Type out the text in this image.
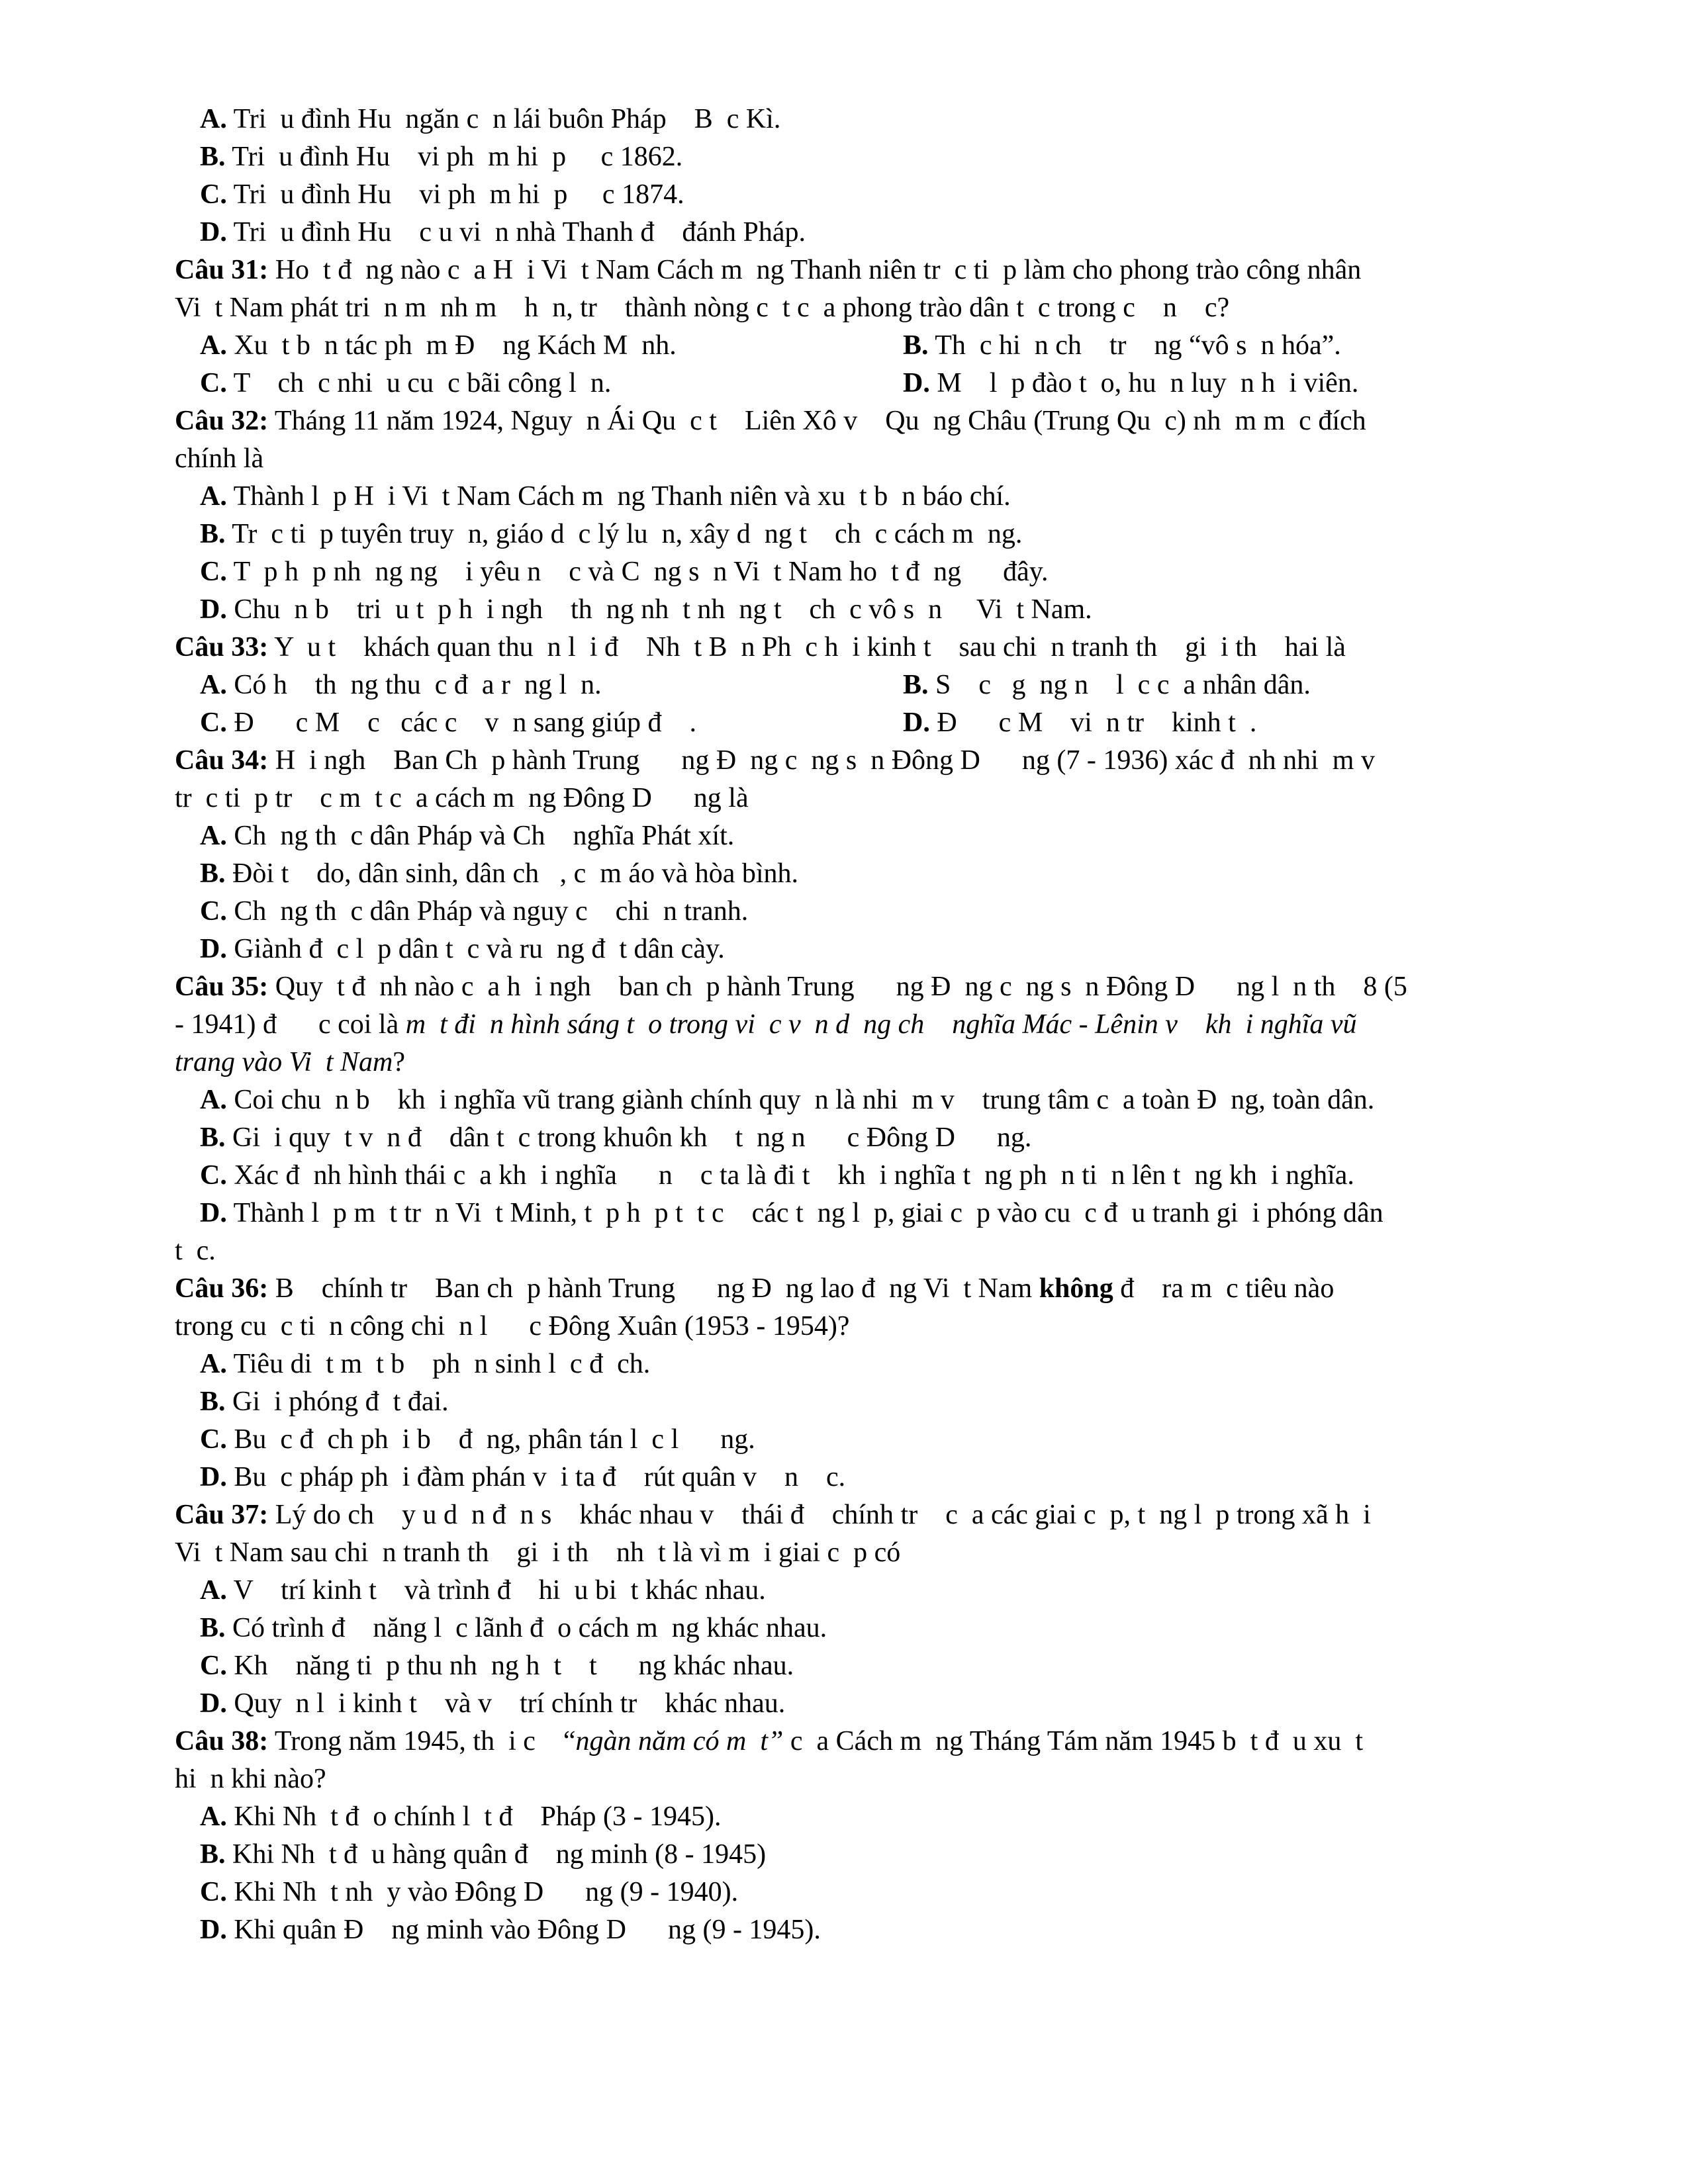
A. Tri  u đình Hu  ngăn c  n lái buôn Pháp    B  c Kì.
B. Tri  u đình Hu    vi ph  m hi  p     c 1862.
C. Tri  u đình Hu    vi ph  m hi  p     c 1874.
D. Tri  u đình Hu    c u vi  n nhà Thanh đ    đánh Pháp.
Câu 31: Ho  t đ  ng nào c  a H  i Vi  t Nam Cách m  ng Thanh niên tr  c ti  p làm cho phong trào công nhân
Vi  t Nam phát tri  n m  nh m    h  n, tr    thành nòng c  t c  a phong trào dân t  c trong c    n    c?
A. Xu  t b  n tác ph  m Đ    ng Kách M  nh.	B. Th  c hi  n ch    tr    ng “vô s  n hóa”.
C. T    ch  c nhi  u cu  c bãi công l  n.	D. M    l  p đào t  o, hu  n luy  n h  i viên.
Câu 32: Tháng 11 năm 1924, Nguy  n Ái Qu  c t    Liên Xô v    Qu  ng Châu (Trung Qu  c) nh  m m  c đích
chính là
A. Thành l  p H  i Vi  t Nam Cách m  ng Thanh niên và xu  t b  n báo chí.
B. Tr  c ti  p tuyên truy  n, giáo d  c lý lu  n, xây d  ng t    ch  c cách m  ng.
C. T  p h  p nh  ng ng    i yêu n    c và C  ng s  n Vi  t Nam ho  t đ  ng      đây.
D. Chu  n b    tri  u t  p h  i ngh    th  ng nh  t nh  ng t    ch  c vô s  n     Vi  t Nam.
Câu 33: Y  u t    khách quan thu  n l  i đ    Nh  t B  n Ph  c h  i kinh t    sau chi  n tranh th    gi  i th    hai là
A. Có h    th  ng thu  c đ  a r  ng l  n.	B. S    c   g  ng n    l  c c  a nhân dân.
C. Đ      c M    c   các c    v  n sang giúp đ    .	D. Đ      c M    vi  n tr    kinh t  .
Câu 34: H  i ngh    Ban Ch  p hành Trung      ng Đ  ng c  ng s  n Đông D      ng (7 - 1936) xác đ  nh nhi  m v
tr  c ti  p tr    c m  t c  a cách m  ng Đông D      ng là
A. Ch  ng th  c dân Pháp và Ch    nghĩa Phát xít.
B. Đòi t    do, dân sinh, dân ch   , c  m áo và hòa bình.
C. Ch  ng th  c dân Pháp và nguy c    chi  n tranh.
D. Giành đ  c l  p dân t  c và ru  ng đ  t dân cày.
Câu 35: Quy  t đ  nh nào c  a h  i ngh    ban ch  p hành Trung      ng Đ  ng c  ng s  n Đông D      ng l  n th    8 (5
- 1941) đ      c coi là m  t đi  n hình sáng t  o trong vi  c v  n d  ng ch    nghĩa Mác - Lênin v    kh  i nghĩa vũ
trang vào Vi  t Nam?
A. Coi chu  n b    kh  i nghĩa vũ trang giành chính quy  n là nhi  m v    trung tâm c  a toàn Đ  ng, toàn dân.
B. Gi  i quy  t v  n đ    dân t  c trong khuôn kh    t  ng n      c Đông D      ng.
C. Xác đ  nh hình thái c  a kh  i nghĩa      n    c ta là đi t    kh  i nghĩa t  ng ph  n ti  n lên t  ng kh  i nghĩa.
D. Thành l  p m  t tr  n Vi  t Minh, t  p h  p t  t c    các t  ng l  p, giai c  p vào cu  c đ  u tranh gi  i phóng dân
t  c.
Câu 36: B    chính tr    Ban ch  p hành Trung      ng Đ  ng lao đ  ng Vi  t Nam không đ    ra m  c tiêu nào
trong cu  c ti  n công chi  n l      c Đông Xuân (1953 - 1954)?
A. Tiêu di  t m  t b    ph  n sinh l  c đ  ch.
B. Gi  i phóng đ  t đai.
C. Bu  c đ  ch ph  i b    đ  ng, phân tán l  c l      ng.
D. Bu  c pháp ph  i đàm phán v  i ta đ    rút quân v    n    c.
Câu 37: Lý do ch    y u d  n đ  n s    khác nhau v    thái đ    chính tr    c  a các giai c  p, t  ng l  p trong xã h  i
Vi  t Nam sau chi  n tranh th    gi  i th    nh  t là vì m  i giai c  p có
A. V    trí kinh t    và trình đ    hi  u bi  t khác nhau.
B. Có trình đ    năng l  c lãnh đ  o cách m  ng khác nhau.
C. Kh    năng ti  p thu nh  ng h  t    t      ng khác nhau.
D. Quy  n l  i kinh t    và v    trí chính tr    khác nhau.
Câu 38: Trong năm 1945, th  i c    “ngàn năm có m  t” c  a Cách m  ng Tháng Tám năm 1945 b  t đ  u xu  t
hi  n khi nào?
A. Khi Nh  t đ  o chính l  t đ    Pháp (3 - 1945).
B. Khi Nh  t đ  u hàng quân đ    ng minh (8 - 1945)
C. Khi Nh  t nh  y vào Đông D      ng (9 - 1940).
D. Khi quân Đ    ng minh vào Đông D      ng (9 - 1945).
